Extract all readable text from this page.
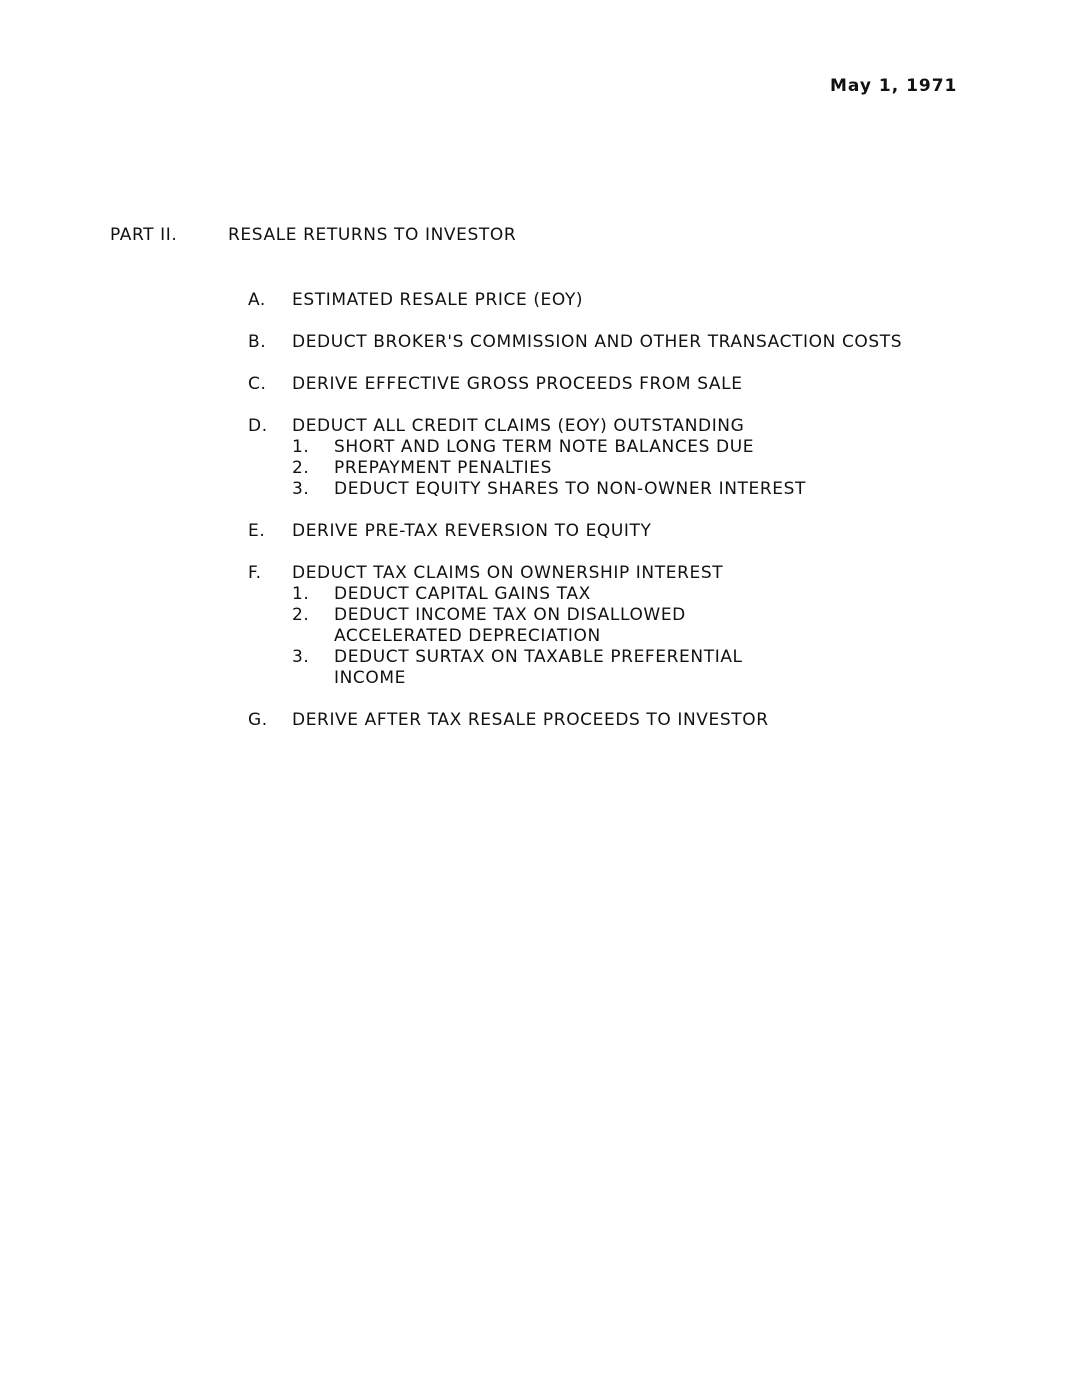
May 1, 1971
PART II.	RESALE RETURNS TO INVESTOR
A.	ESTIMATED RESALE PRICE (EOY)
B.	DEDUCT BROKER'S COMMISSION AND OTHER TRANSACTION COSTS
C.	DERIVE EFFECTIVE GROSS PROCEEDS FROM SALE
D.	DEDUCT ALL CREDIT CLAIMS (EOY) OUTSTANDING
1.	SHORT AND LONG TERM NOTE BALANCES DUE
2.	PREPAYMENT PENALTIES
3.	DEDUCT EQUITY SHARES TO NON-OWNER INTEREST
E.	DERIVE PRE-TAX REVERSION TO EQUITY
F.	DEDUCT TAX CLAIMS ON OWNERSHIP INTEREST
1.	DEDUCT CAPITAL GAINS TAX
2.	DEDUCT INCOME TAX ON DISALLOWED ACCELERATED DEPRECIATION
3.	DEDUCT SURTAX ON TAXABLE PREFERENTIAL INCOME
G.	DERIVE AFTER TAX RESALE PROCEEDS TO INVESTOR
